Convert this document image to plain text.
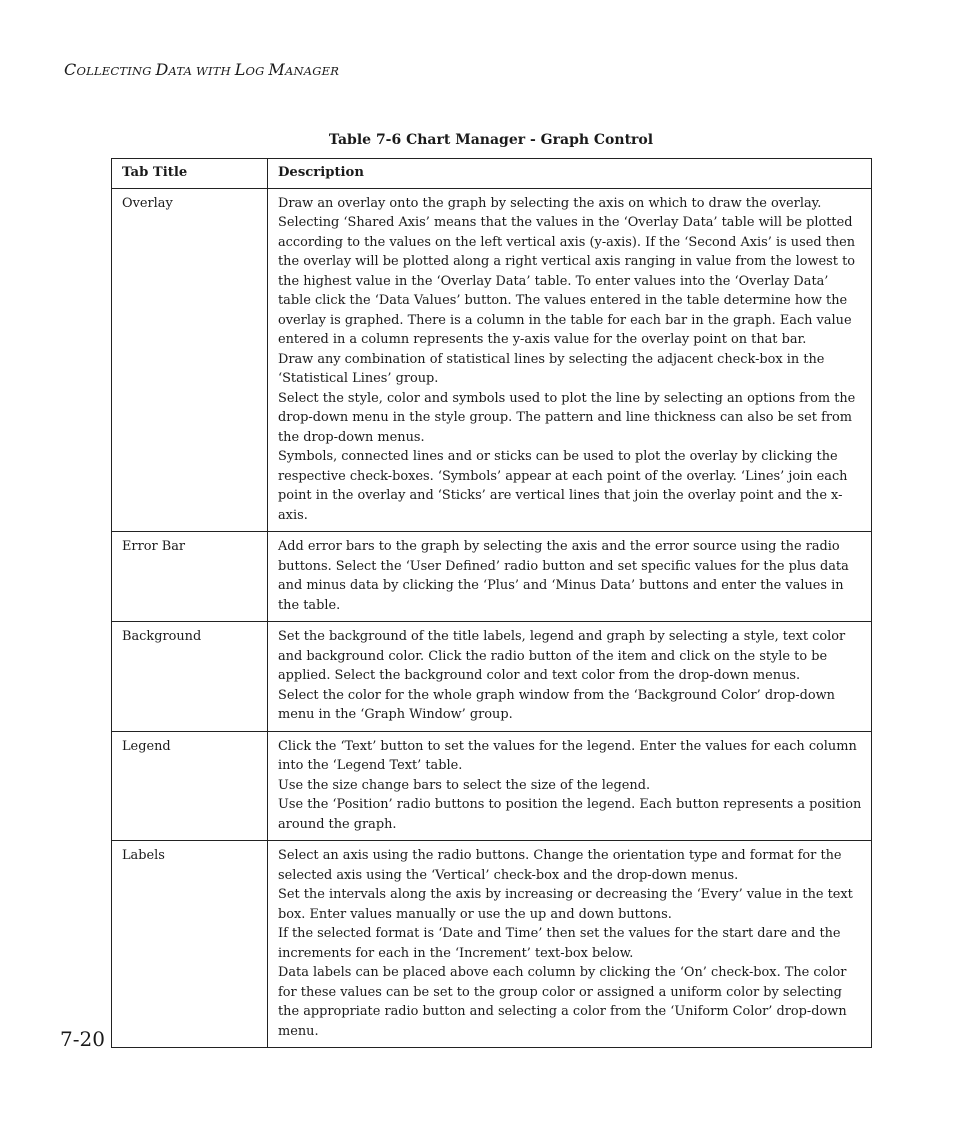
COLLECTING DATA WITH LOG MANAGER
Table 7-6 Chart Manager - Graph Control
Tab Title	Description
Overlay	Draw an overlay onto the graph by selecting the axis on which to draw the overlay. Selecting ‘Shared Axis’ means that the values in the ‘Overlay Data’ table will be plotted according to the values on the left vertical axis (y-axis). If the ‘Second Axis’ is used then the overlay will be plotted along a right vertical axis ranging in value from the lowest to the highest value in the ‘Overlay Data’ table. To enter values into the ‘Overlay Data’ table click the ‘Data Values’ button. The values entered in the table determine how the overlay is graphed. There is a column in the table for each bar in the graph. Each value entered in a column represents the y-axis value for the overlay point on that bar.
Draw any combination of statistical lines by selecting the adjacent check-box in the ‘Statistical Lines’ group.
Select the style, color and symbols used to plot the line by selecting an options from the drop-down menu in the style group. The pattern and line thickness can also be set from the drop-down menus.
Symbols, connected lines and or sticks can be used to plot the overlay by clicking the respective check-boxes. ‘Symbols’ appear at each point of the overlay. ‘Lines’ join each point in the overlay and ‘Sticks’ are vertical lines that join the overlay point and the x-axis.

Error Bar	Add error bars to the graph by selecting the axis and the error source using the radio buttons. Select the ‘User Defined’ radio button and set specific values for the plus data and minus data by clicking the ‘Plus’ and ‘Minus Data’ buttons and enter the values in the table.

Background	Set the background of the title labels, legend and graph by selecting a style, text color and background color. Click the radio button of the item and click on the style to be applied. Select the background color and text color from the drop-down menus.
Select the color for the whole graph window from the ‘Background Color’ drop-down menu in the ‘Graph Window’ group.

Legend	Click the ‘Text’ button to set the values for the legend. Enter the values for each column into the ‘Legend Text’ table.
Use the size change bars to select the size of the legend.
Use the ‘Position’ radio buttons to position the legend. Each button represents a position around the graph.

Labels	Select an axis using the radio buttons. Change the orientation type and format for the selected axis using the ‘Vertical’ check-box and the drop-down menus.
Set the intervals along the axis by increasing or decreasing the ‘Every’ value in the text box. Enter values manually or use the up and down buttons.
If the selected format is ‘Date and Time’ then set the values for the start dare and the increments for each in the ‘Increment’ text-box below.
Data labels can be placed above each column by clicking the ‘On’ check-box. The color for these values can be set to the group color or assigned a uniform color by selecting the appropriate radio button and selecting a color from the ‘Uniform Color’ drop-down menu.
7-20
